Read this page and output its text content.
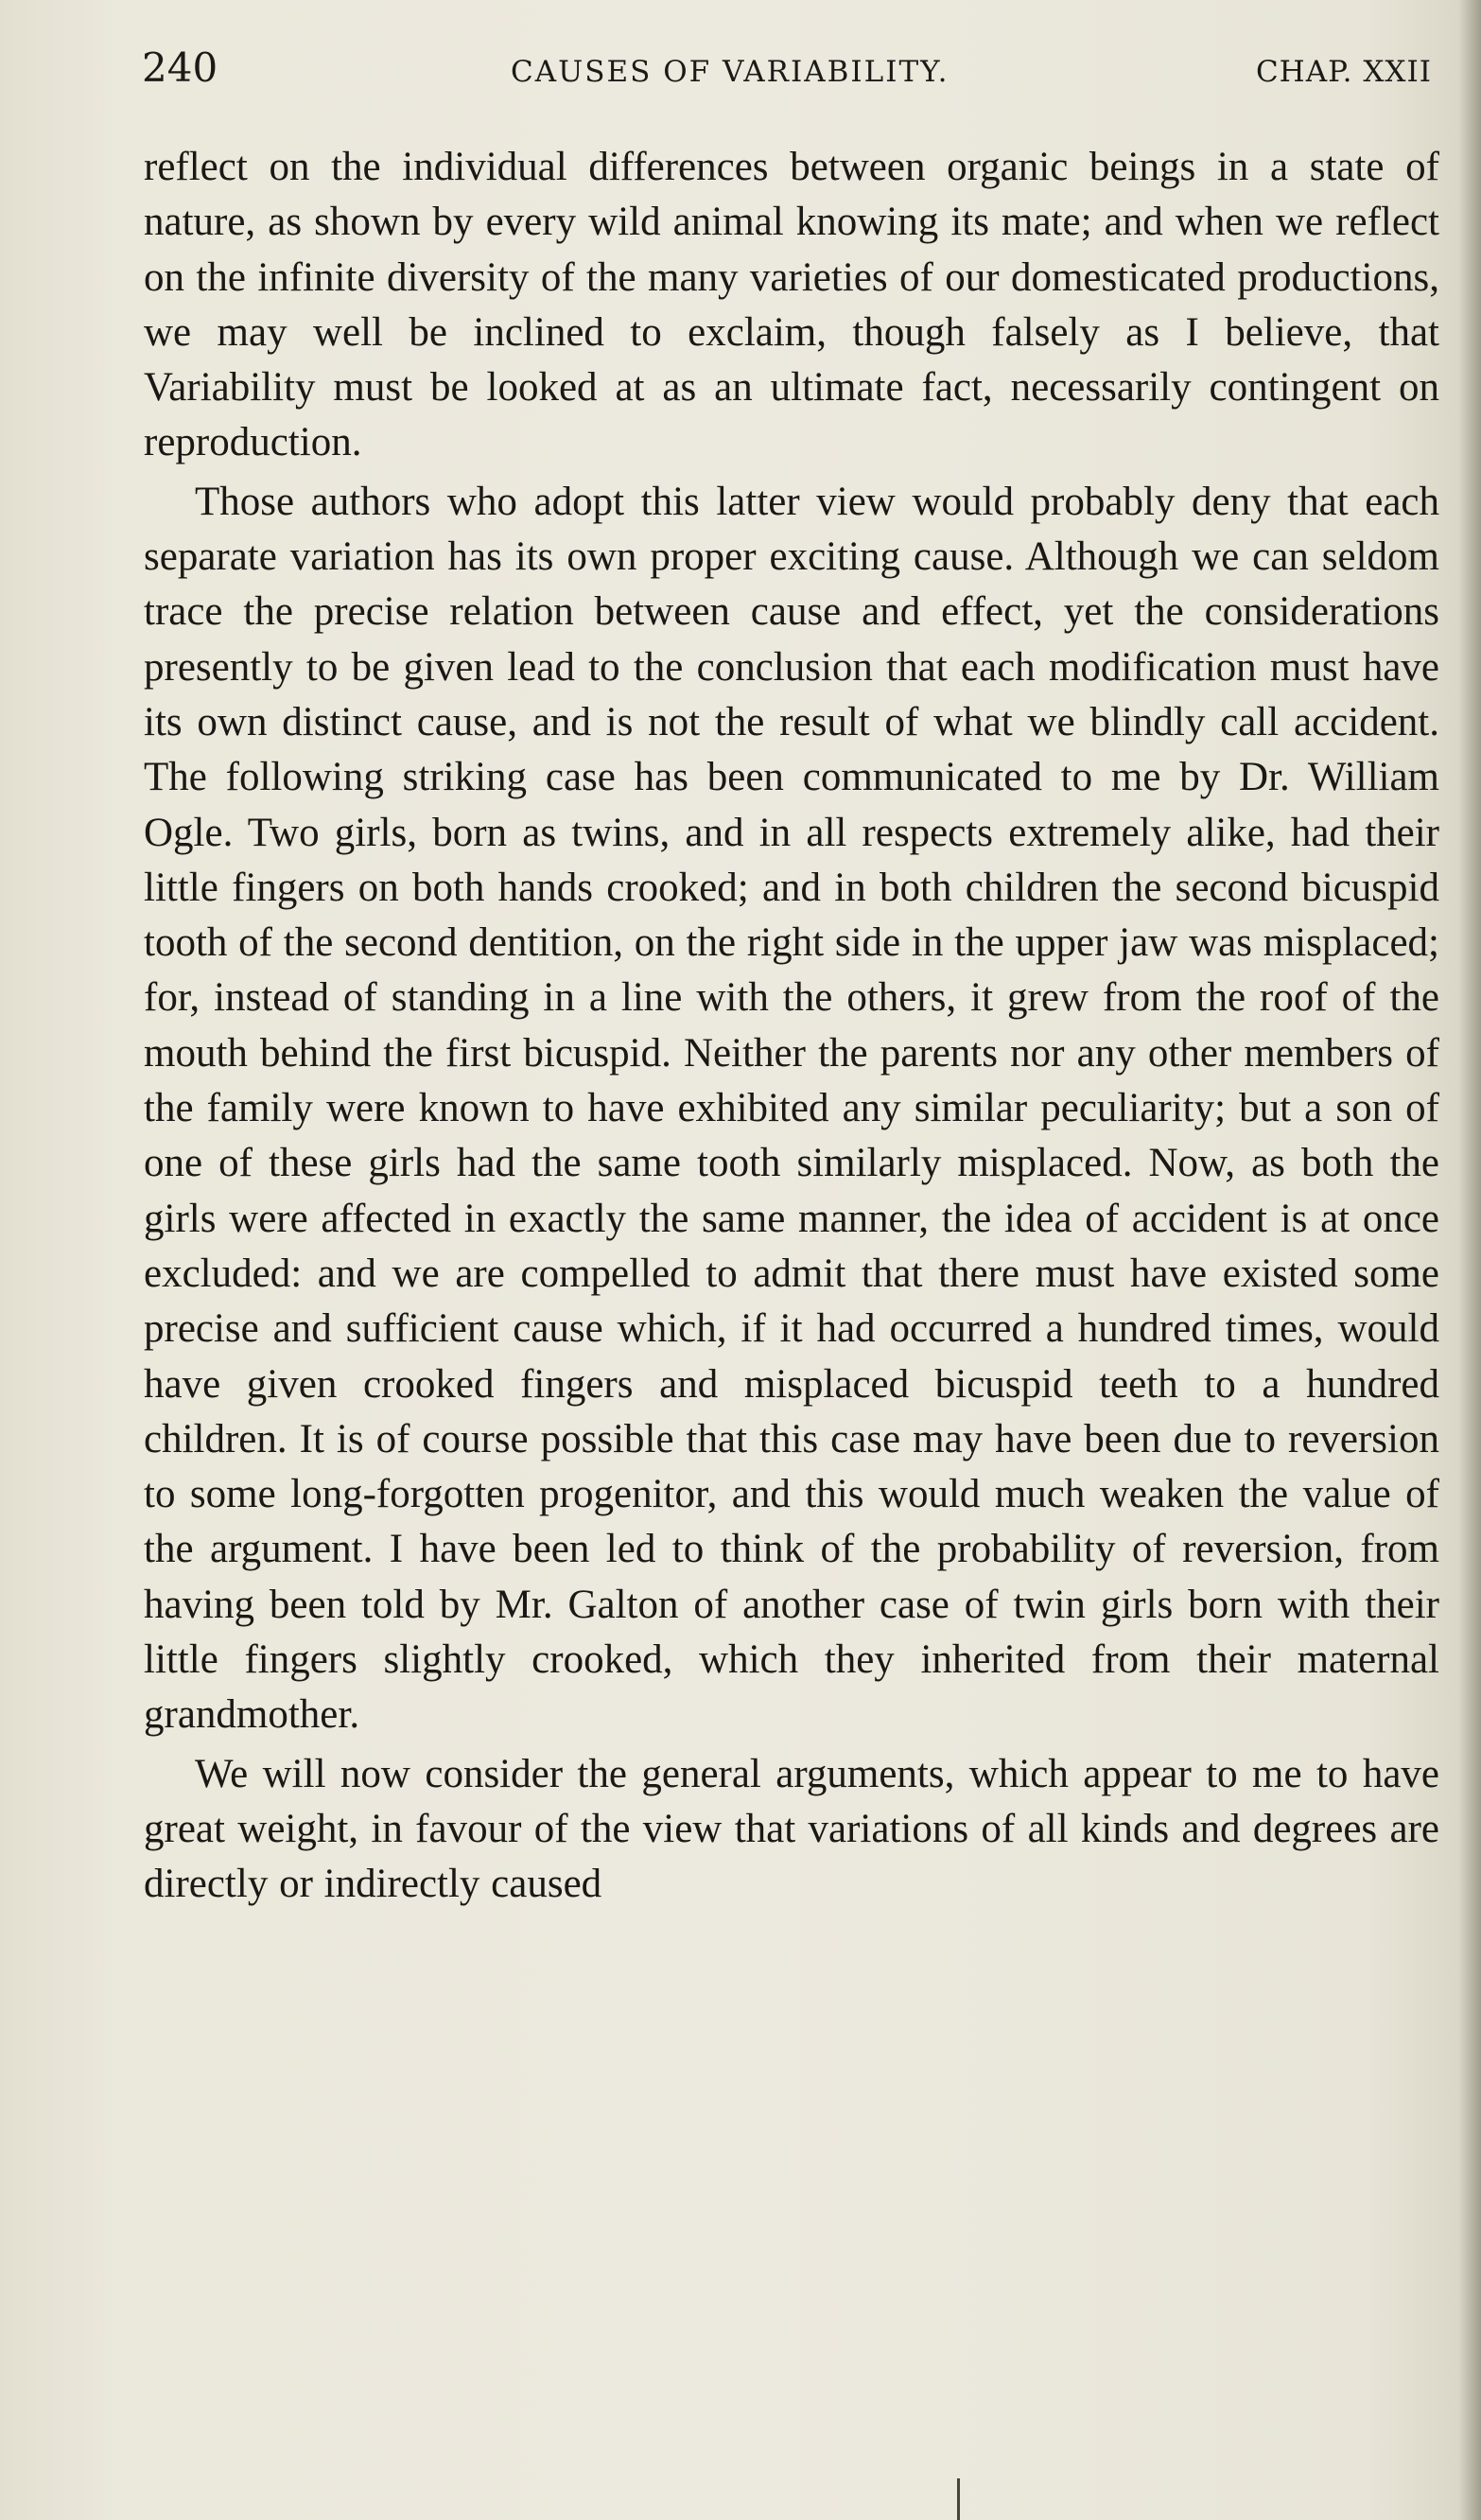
240	CAUSES OF VARIABILITY.	CHAP. XXII

reflect on the individual differences between organic beings in a state of nature, as shown by every wild animal knowing its mate; and when we reflect on the infinite diversity of the many varieties of our domesticated productions, we may well be inclined to exclaim, though falsely as I believe, that Variability must be looked at as an ultimate fact, necessarily contingent on reproduction.

Those authors who adopt this latter view would probably deny that each separate variation has its own proper exciting cause. Although we can seldom trace the precise relation between cause and effect, yet the considerations presently to be given lead to the conclusion that each modification must have its own distinct cause, and is not the result of what we blindly call accident. The following striking case has been communicated to me by Dr. William Ogle. Two girls, born as twins, and in all respects extremely alike, had their little fingers on both hands crooked; and in both children the second bicuspid tooth of the second dentition, on the right side in the upper jaw was misplaced; for, instead of standing in a line with the others, it grew from the roof of the mouth behind the first bicuspid. Neither the parents nor any other members of the family were known to have exhibited any similar peculiarity; but a son of one of these girls had the same tooth similarly misplaced. Now, as both the girls were affected in exactly the same manner, the idea of accident is at once excluded: and we are compelled to admit that there must have existed some precise and sufficient cause which, if it had occurred a hundred times, would have given crooked fingers and misplaced bicuspid teeth to a hundred children. It is of course possible that this case may have been due to reversion to some long-forgotten progenitor, and this would much weaken the value of the argument. I have been led to think of the probability of reversion, from having been told by Mr. Galton of another case of twin girls born with their little fingers slightly crooked, which they inherited from their maternal grandmother.

We will now consider the general arguments, which appear to me to have great weight, in favour of the view that variations of all kinds and degrees are directly or indirectly caused
